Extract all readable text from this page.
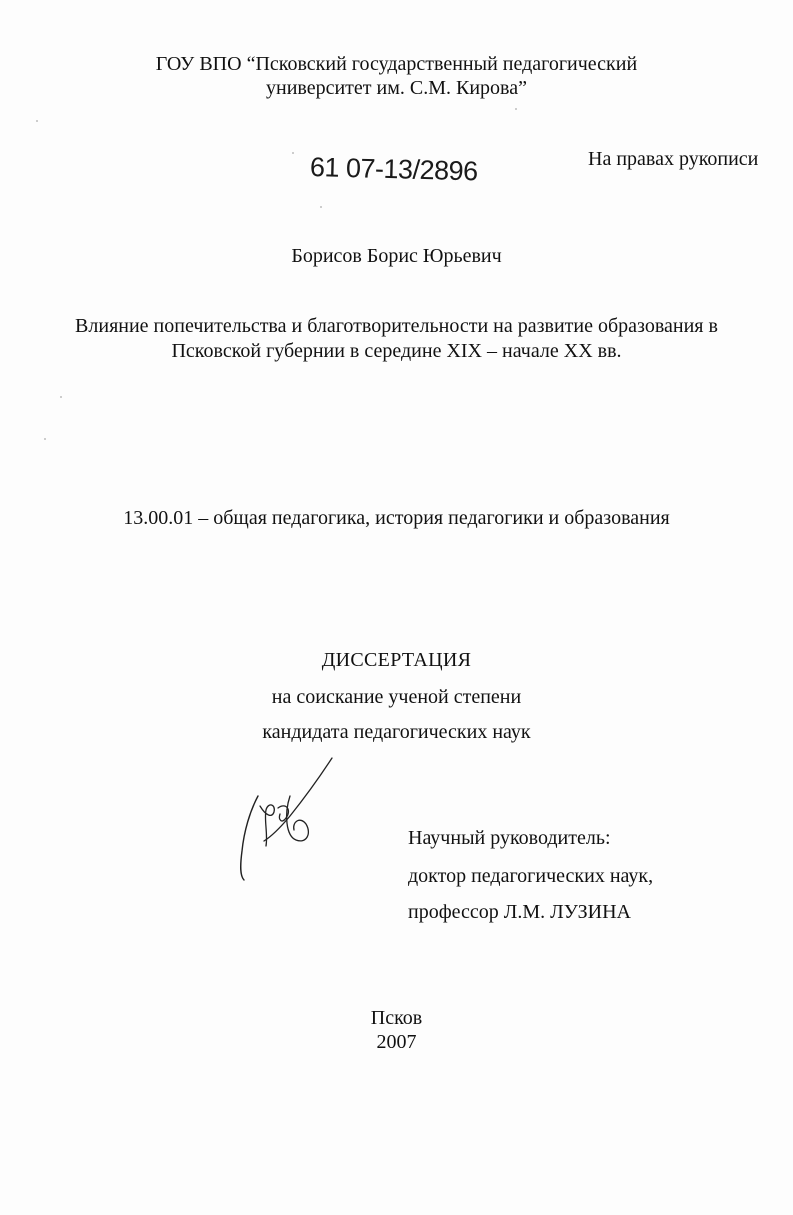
ГОУ ВПО “Псковский государственный педагогический
университет им. С.М. Кирова”
61 07-13/2896	На правах рукописи
Борисов Борис Юрьевич
Влияние попечительства и благотворительности на развитие образования в
Псковской губернии в середине XIX – начале XX вв.
13.00.01 – общая педагогика, история педагогики и образования
ДИССЕРТАЦИЯ
на соискание ученой степени
кандидата педагогических наук
Научный руководитель:
доктор педагогических наук,
профессор Л.М. ЛУЗИНА
Псков
2007
